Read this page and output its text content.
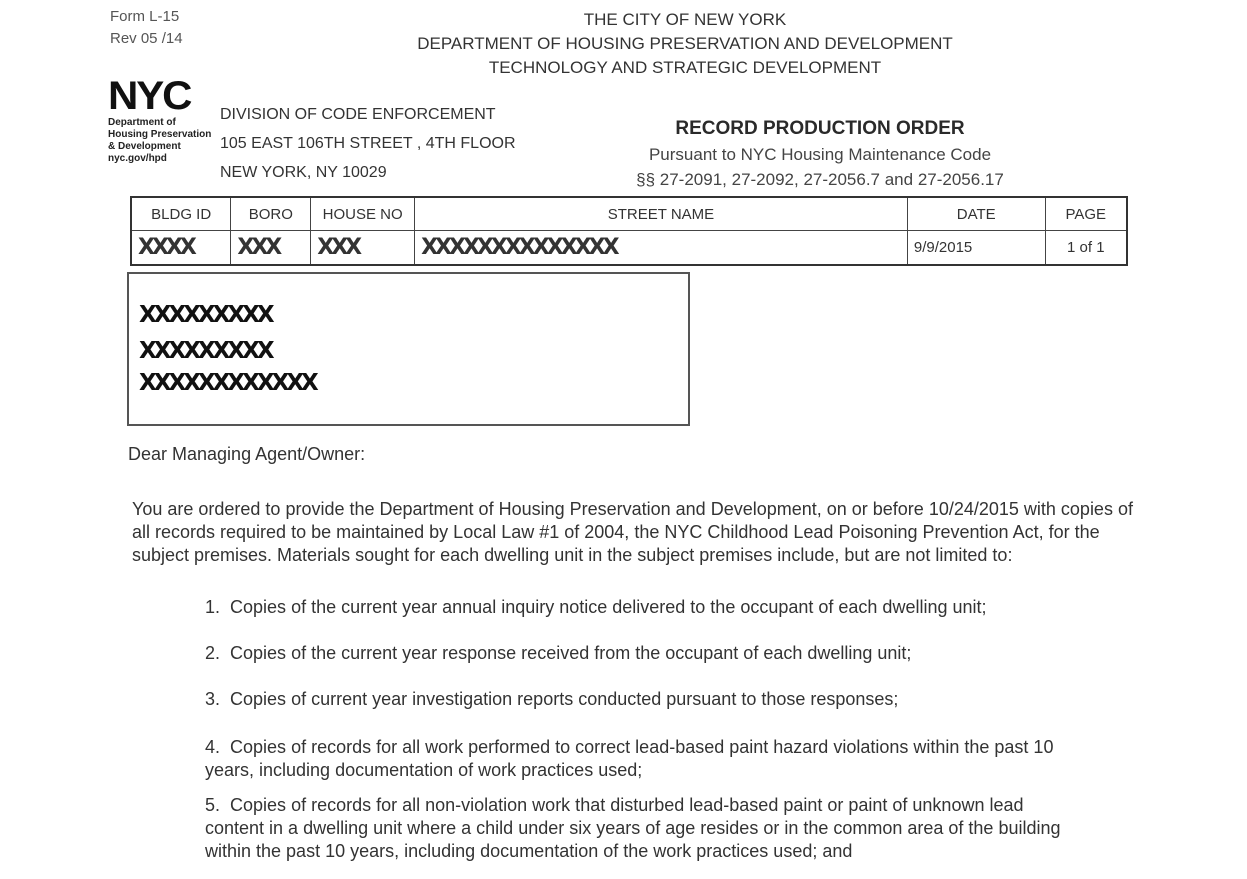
Form L-15
Rev 05 /14
THE CITY OF NEW YORK
DEPARTMENT OF HOUSING PRESERVATION AND DEVELOPMENT
TECHNOLOGY AND STRATEGIC DEVELOPMENT
NYC
Department of
Housing Preservation
& Development
nyc.gov/hpd
DIVISION OF CODE ENFORCEMENT
105 EAST 106TH STREET , 4TH FLOOR
NEW YORK, NY 10029
RECORD PRODUCTION ORDER
Pursuant to NYC Housing Maintenance Code
§§ 27-2091, 27-2092, 27-2056.7 and 27-2056.17
BLDG ID	BORO	HOUSE NO	STREET NAME	DATE	PAGE
XXXX	XXX	XXX	XXXXXXXXXXXXXX	9/9/2015	1 of 1
XXXXXXXXX
XXXXXXXXX
XXXXXXXXXXXX
Dear Managing Agent/Owner:
You are ordered to provide the Department of Housing Preservation and Development, on or before 10/24/2015 with copies of all records required to be maintained by Local Law #1 of 2004, the NYC Childhood Lead Poisoning Prevention Act, for the subject premises. Materials sought for each dwelling unit in the subject premises include, but are not limited to:
1. Copies of the current year annual inquiry notice delivered to the occupant of each dwelling unit;
2. Copies of the current year response received from the occupant of each dwelling unit;
3. Copies of current year investigation reports conducted pursuant to those responses;
4. Copies of records for all work performed to correct lead-based paint hazard violations within the past 10 years, including documentation of work practices used;
5. Copies of records for all non-violation work that disturbed lead-based paint or paint of unknown lead content in a dwelling unit where a child under six years of age resides or in the common area of the building within the past 10 years, including documentation of the work practices used; and
